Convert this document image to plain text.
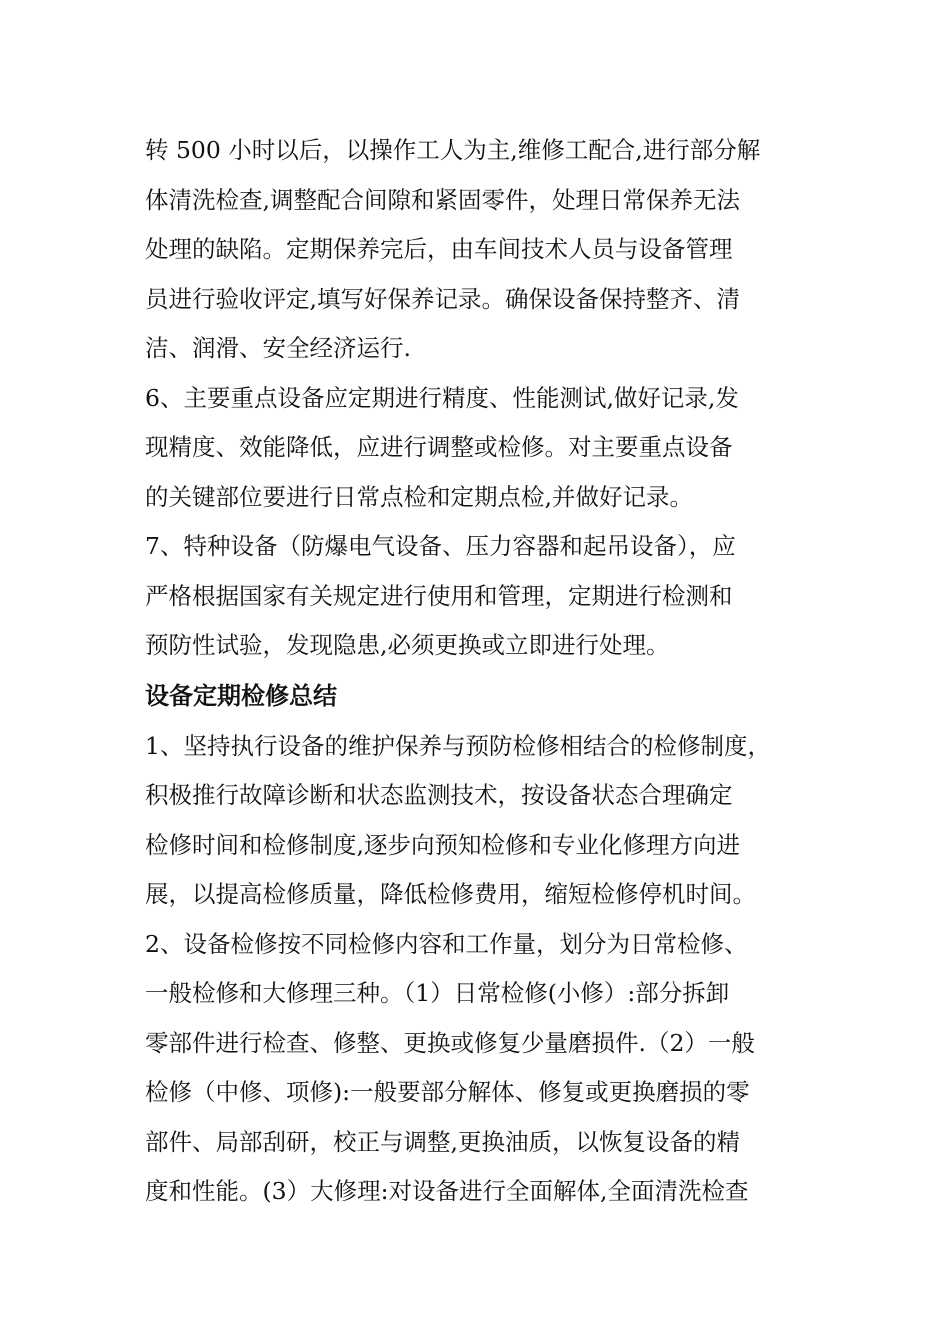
转 500 小时以后，以操作工人为主,维修工配合,进行部分解
体清洗检查,调整配合间隙和紧固零件，处理日常保养无法
处理的缺陷。定期保养完后，由车间技术人员与设备管理
员进行验收评定,填写好保养记录。确保设备保持整齐、清
洁、润滑、安全经济运行.
6、主要重点设备应定期进行精度、性能测试,做好记录,发
现精度、效能降低，应进行调整或检修。对主要重点设备
的关键部位要进行日常点检和定期点检,并做好记录。
7、特种设备（防爆电气设备、压力容器和起吊设备），应
严格根据国家有关规定进行使用和管理，定期进行检测和
预防性试验，发现隐患,必须更换或立即进行处理。
设备定期检修总结
1、坚持执行设备的维护保养与预防检修相结合的检修制度，
积极推行故障诊断和状态监测技术，按设备状态合理确定
检修时间和检修制度,逐步向预知检修和专业化修理方向进
展，以提高检修质量，降低检修费用，缩短检修停机时间。
2、设备检修按不同检修内容和工作量，划分为日常检修、
一般检修和大修理三种。（1）日常检修(小修）:部分拆卸
零部件进行检查、修整、更换或修复少量磨损件.（2）一般
检修（中修、项修):一般要部分解体、修复或更换磨损的零
部件、局部刮研，校正与调整,更换油质，以恢复设备的精
度和性能。(3）大修理:对设备进行全面解体,全面清洗检查
